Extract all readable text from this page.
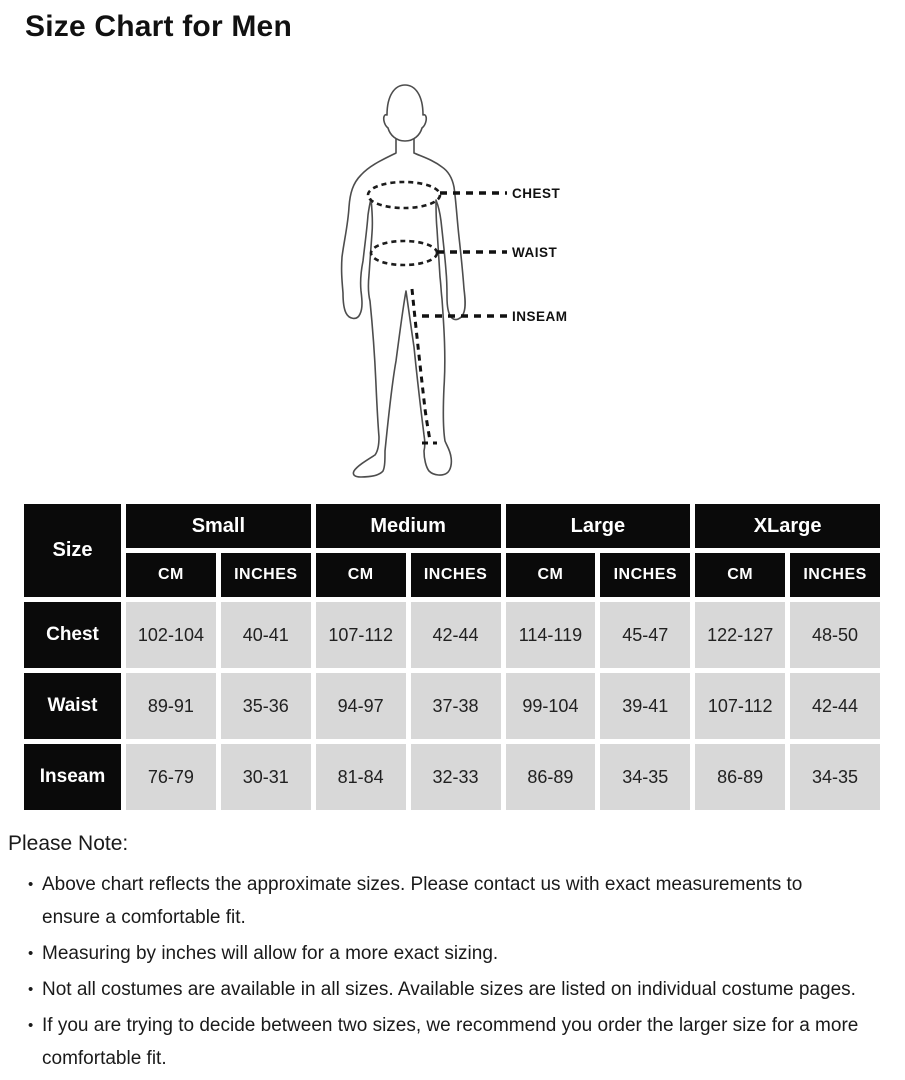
Size Chart for Men
CHEST
WAIST
INSEAM
Size	Small		Medium		Large		XLarge	
	CM	INCHES	CM	INCHES	CM	INCHES	CM	INCHES
Chest	102-104	40-41	107-112	42-44	114-119	45-47	122-127	48-50
Waist	89-91	35-36	94-97	37-38	99-104	39-41	107-112	42-44
Inseam	76-79	30-31	81-84	32-33	86-89	34-35	86-89	34-35

Please Note:

• Above chart reflects the approximate sizes. Please contact us with exact measurements to
ensure a comfortable fit.
• Measuring by inches will allow for a more exact sizing.
• Not all costumes are available in all sizes. Available sizes are listed on individual costume pages.
• If you are trying to decide between two sizes, we recommend you order the larger size for a more
comfortable fit.
